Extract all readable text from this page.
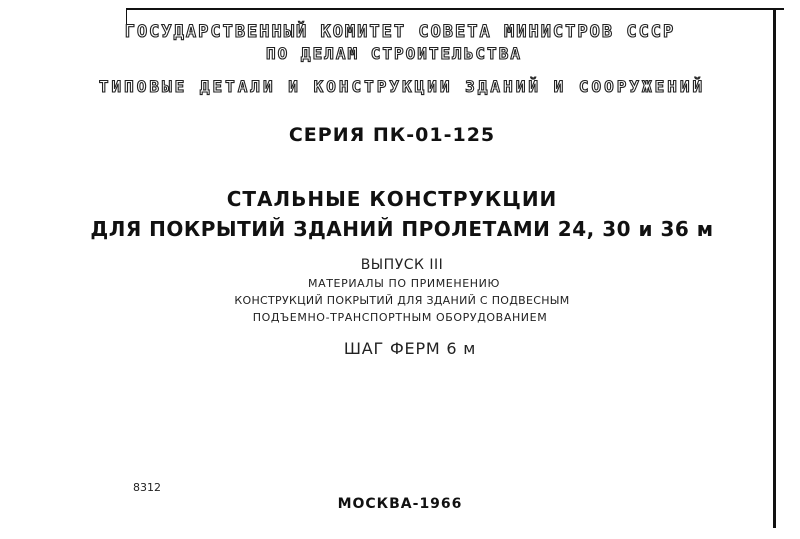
ГОСУДАРСТВЕННЫЙ КОМИТЕТ СОВЕТА МИНИСТРОВ СССР
ПО ДЕЛАМ СТРОИТЕЛЬСТВА
ТИПОВЫЕ ДЕТАЛИ И КОНСТРУКЦИИ ЗДАНИЙ И СООРУЖЕНИЙ
СЕРИЯ ПК-01-125
СТАЛЬНЫЕ КОНСТРУКЦИИ
ДЛЯ ПОКРЫТИЙ ЗДАНИЙ ПРОЛЕТАМИ 24, 30 и 36 м
ВЫПУСК III
МАТЕРИАЛЫ ПО ПРИМЕНЕНИЮ
КОНСТРУКЦИЙ ПОКРЫТИЙ ДЛЯ ЗДАНИЙ С ПОДВЕСНЫМ
ПОДЪЕМНО-ТРАНСПОРТНЫМ ОБОРУДОВАНИЕМ
ШАГ ФЕРМ 6 м
8312
МОСКВА-1966
